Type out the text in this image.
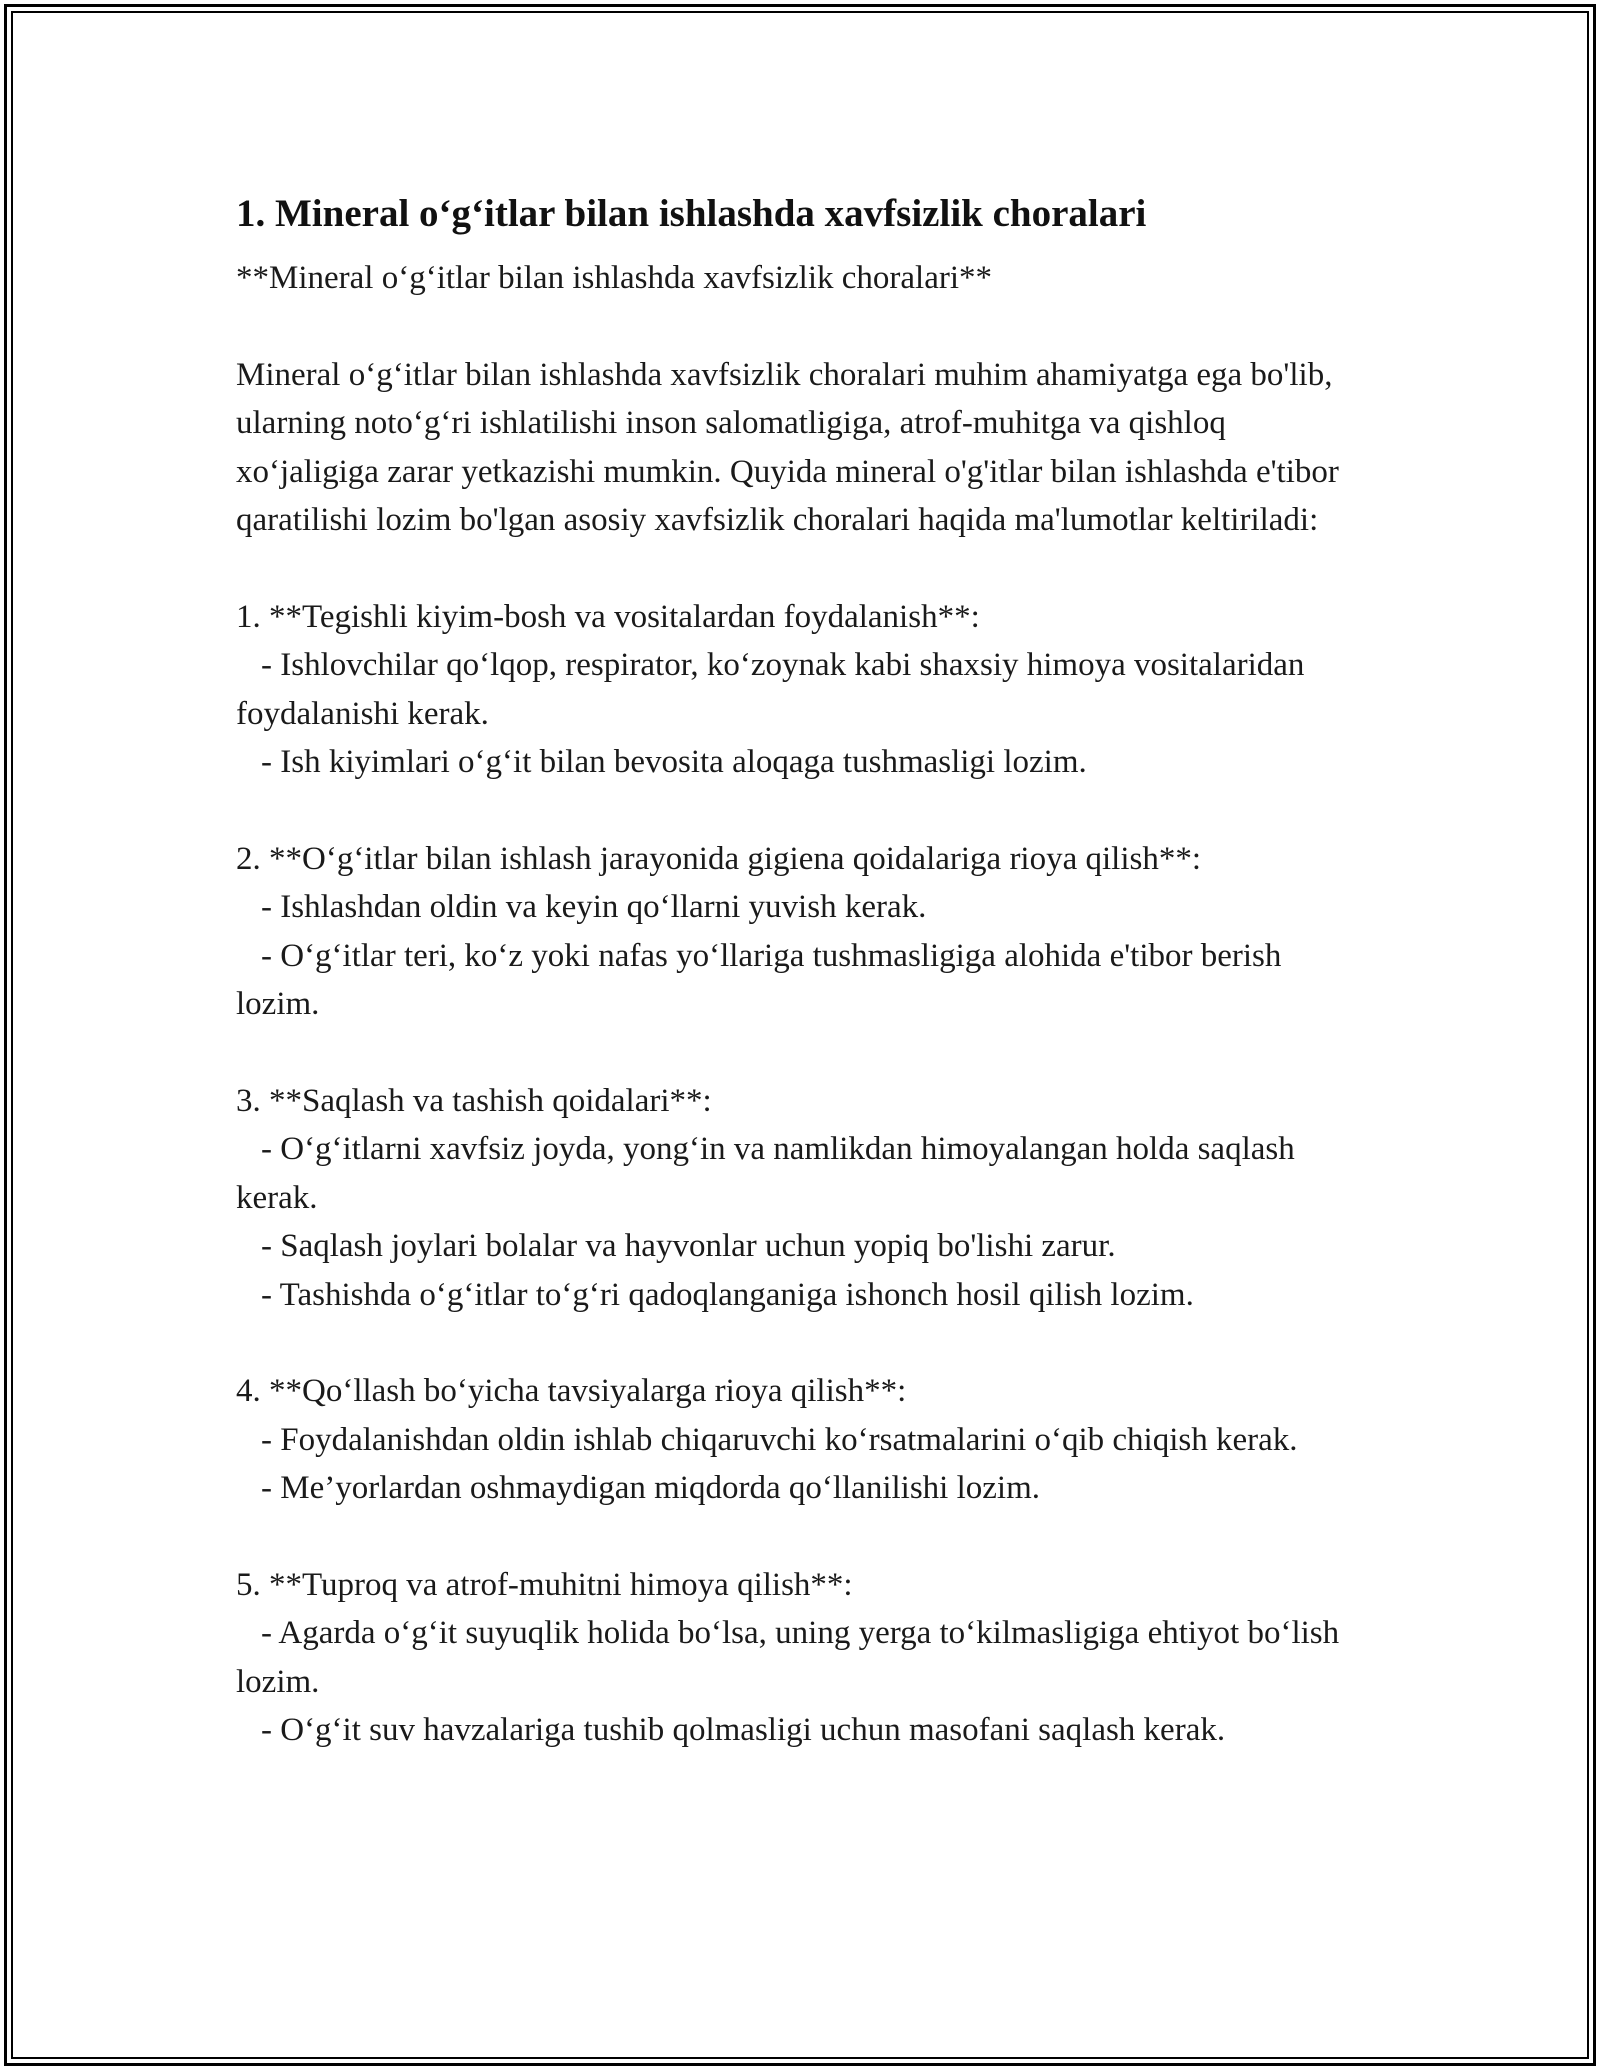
1. Mineral o‘g‘itlar bilan ishlashda xavfsizlik choralari

**Mineral o‘g‘itlar bilan ishlashda xavfsizlik choralari**

Mineral o‘g‘itlar bilan ishlashda xavfsizlik choralari muhim ahamiyatga ega bo'lib, ularning noto‘g‘ri ishlatilishi inson salomatligiga, atrof-muhitga va qishloq xo‘jaligiga zarar yetkazishi mumkin. Quyida mineral o'g'itlar bilan ishlashda e'tibor qaratilishi lozim bo'lgan asosiy xavfsizlik choralari haqida ma'lumotlar keltiriladi:

1. **Tegishli kiyim-bosh va vositalardan foydalanish**:

- Ishlovchilar qo‘lqop, respirator, ko‘zoynak kabi shaxsiy himoya vositalaridan foydalanishi kerak.

- Ish kiyimlari o‘g‘it bilan bevosita aloqaga tushmasligi lozim.

2. **O‘g‘itlar bilan ishlash jarayonida gigiena qoidalariga rioya qilish**:

- Ishlashdan oldin va keyin qo‘llarni yuvish kerak.

- O‘g‘itlar teri, ko‘z yoki nafas yo‘llariga tushmasligiga alohida e'tibor berish lozim.

3. **Saqlash va tashish qoidalari**:

- O‘g‘itlarni xavfsiz joyda, yong‘in va namlikdan himoyalangan holda saqlash kerak.

- Saqlash joylari bolalar va hayvonlar uchun yopiq bo'lishi zarur.

- Tashishda o‘g‘itlar to‘g‘ri qadoqlanganiga ishonch hosil qilish lozim.

4. **Qo‘llash bo‘yicha tavsiyalarga rioya qilish**:

- Foydalanishdan oldin ishlab chiqaruvchi ko‘rsatmalarini o‘qib chiqish kerak.

- Me’yorlardan oshmaydigan miqdorda qo‘llanilishi lozim.

5. **Tuproq va atrof-muhitni himoya qilish**:

- Agarda o‘g‘it suyuqlik holida bo‘lsa, uning yerga to‘kilmasligiga ehtiyot bo‘lish lozim.

- O‘g‘it suv havzalariga tushib qolmasligi uchun masofani saqlash kerak.
